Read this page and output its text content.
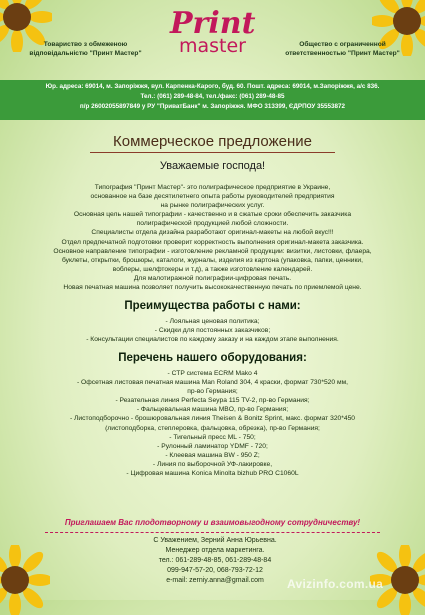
Товариство з обмеженою
відповідальністю "Принт Мастер"
Print
master	Общество с ограниченной
ответственностью "Принт Мастер"
Юр. адреса: 69014, м. Запоріжжя, вул. Карпенка-Карого, буд. 60. Пошт. адреса: 69014, м.Запоріжжя, а/с 836.
Тел.: (061) 289-48-84, тел./факс: (061) 289-48-85
п/р 26002055897849 у РУ "ПриватБанк" м. Запоріжжя. МФО 313399, ЄДРПОУ 35553872
Коммерческое предложение
Уважаемые господа!

Типография "Принт Мастер"- это полиграфическое предприятие в Украине,

основанное на базе десятилетнего опыта работы руководителей предприятия

на рынке полиграфических услуг.

Основная цель нашей типографии - качественно и в сжатые сроки обеспечить заказчика

полиграфической продукцией любой сложности.

Специалисты отдела дизайна разработают оригинал-макеты на любой вкус!!!

Отдел предпечатной подготовки проверит корректность выполнения оригинал-макета заказчика.

Основное направление типографии - изготовление рекламной продукции: визитки, листовки, флаера,

буклеты, открытки, брошюры, каталоги, журналы, изделия из картона (упаковка, папки, ценники,

воблеры, шелфтокеры и т.д), а также изготовление календарей.

Для малотиражной полиграфии-цифровая печать.

Новая печатная машина позволяет получить высококачественную печать по приемлемой цене.

Преимущества работы с нами:
- Лояльная ценовая политика;
- Скидки для постоянных заказчиков;
- Консультации специалистов по каждому заказу и на каждом этапе выполнения.
Перечень нашего оборудования:
- СТР система ECRM Mako 4
- Офсетная листовая печатная машина Man Roland 304, 4 краски, формат 730*520 мм,
пр-во Германия;
- Резательная линия Perfecta Seypa 115 TV-2, пр-во Германия;
- Фальцевальная машина MBO, пр-во Германия;
- Листоподборочно - брошюровальная линия Theisen & Bonitz Sprint, макс. формат 320*450
(листоподборка, степлеровка, фальцовка, обрезка), пр-во Германия;
- Тигельный пресс ML - 750;
- Рулонный ламинатор YDMF - 720;
- Клеевая машина BW - 950 Z;
- Линия по выборочной УФ-лакировке,
- Цифровая машина Konica Minolta bizhub PRO C1060L
Приглашаем Вас плодотворному и взаимовыгодному сотрудничеству!
С Уважением, Зерний Анна Юрьевна.
Менеджер отдела маркетинга.
тел.: 061-289-48-85, 061-289-48-84
099-947-57-20, 068-793-72-12
e-mail: zerniy.anna@gmail.com	Avizinfo.com.ua
